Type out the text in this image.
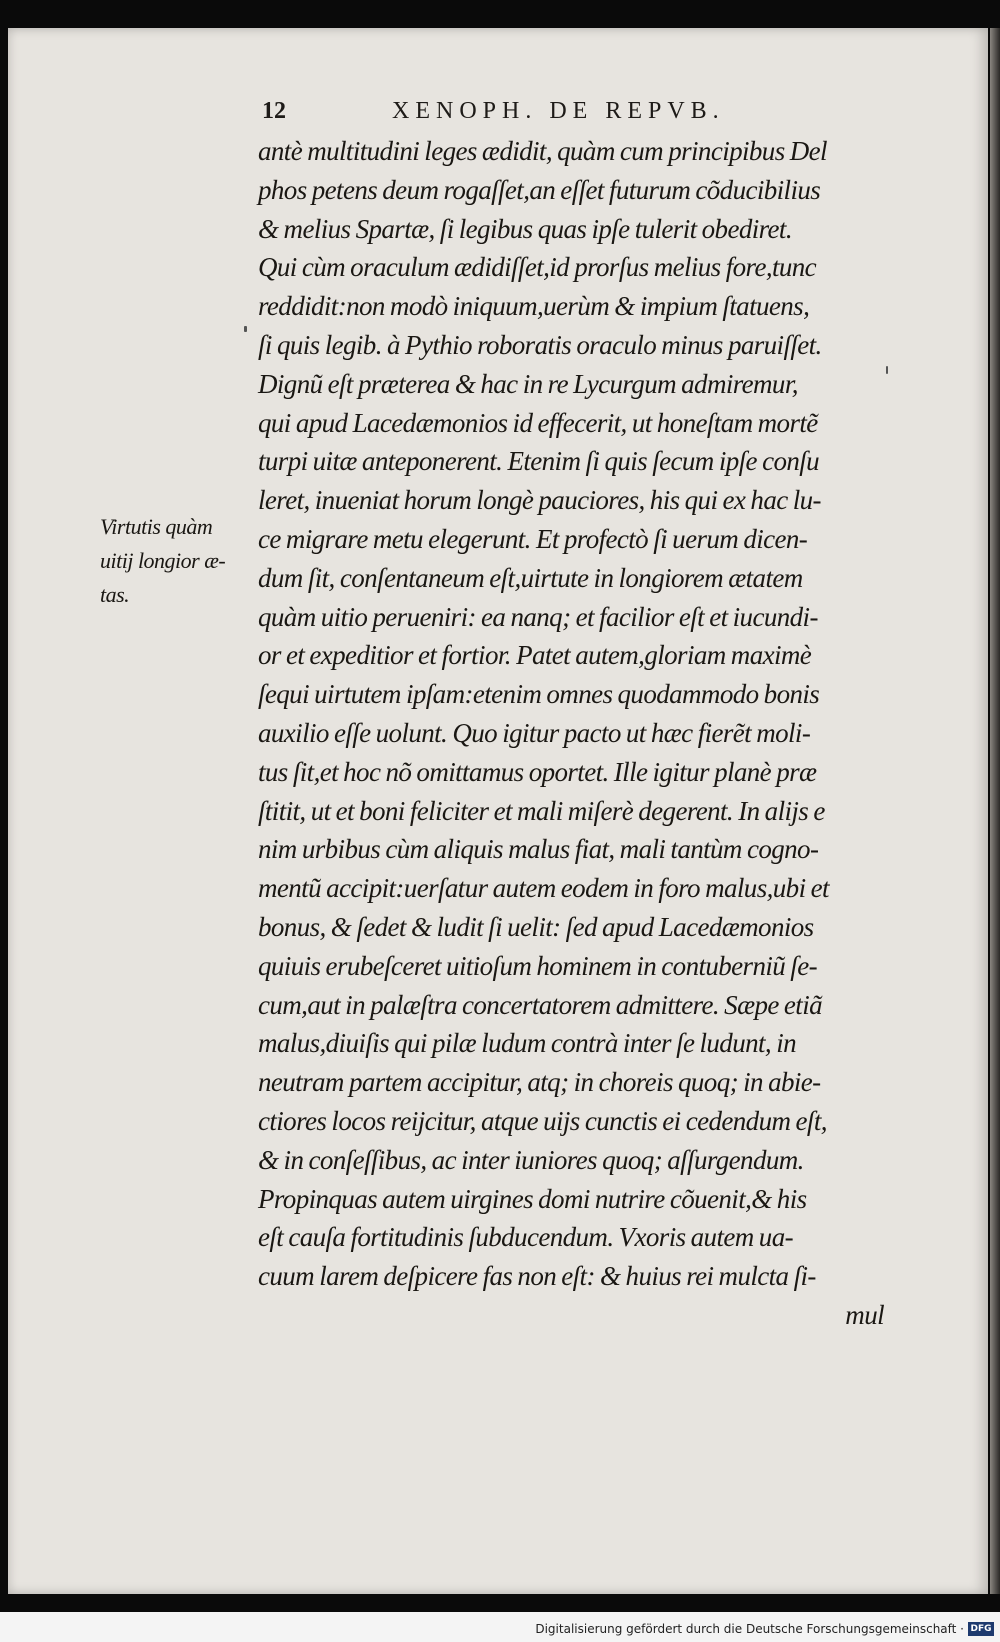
12	XENOPH. DE REPVB.
Virtutis quàm
uitij longior æ-
tas.
antè multitudini leges ædidit, quàm cum principibus Del
phos petens deum rogaſſet,an eſſet futurum cõducibilius
& melius Spartæ, ſi legibus quas ipſe tulerit obediret.
Qui cùm oraculum ædidiſſet,id prorſus melius fore,tunc
reddidit:non modò iniquum,uerùm & impium ſtatuens,
ſi quis legib. à Pythio roboratis oraculo minus paruiſſet.
Dignũ eſt præterea & hac in re Lycurgum admiremur,
qui apud Lacedæmonios id effecerit, ut honeſtam mortẽ
turpi uitæ anteponerent. Etenim ſi quis ſecum ipſe conſu
leret, inueniat horum longè pauciores, his qui ex hac lu-
ce migrare metu elegerunt. Et profectò ſi uerum dicen-
dum ſit, conſentaneum eſt,uirtute in longiorem ætatem
quàm uitio perueniri: ea nanq; et facilior eſt et iucundi-
or et expeditior et fortior. Patet autem,gloriam maximè
ſequi uirtutem ipſam:etenim omnes quodammodo bonis
auxilio eſſe uolunt. Quo igitur pacto ut hæc fierẽt moli-
tus ſit,et hoc nõ omittamus oportet. Ille igitur planè præ
ſtitit, ut et boni feliciter et mali miſerè degerent. In alijs e
nim urbibus cùm aliquis malus fiat, mali tantùm cogno-
mentũ accipit:uerſatur autem eodem in foro malus,ubi et
bonus, & ſedet & ludit ſi uelit: ſed apud Lacedæmonios
quiuis erubeſceret uitioſum hominem in contuberniũ ſe-
cum,aut in palæſtra concertatorem admittere. Sæpe etiã
malus,diuiſis qui pilæ ludum contrà inter ſe ludunt, in
neutram partem accipitur, atq; in choreis quoq; in abie-
ctiores locos reijcitur, atque uijs cunctis ei cedendum eſt,
& in conſeſſibus, ac inter iuniores quoq; aſſurgendum.
Propinquas autem uirgines domi nutrire cõuenit,& his
eſt cauſa fortitudinis ſubducendum. Vxoris autem ua-
cuum larem deſpicere fas non eſt: & huius rei mulcta ſi-
mul
Digitalisierung gefördert durch die Deutsche Forschungsgemeinschaft · DFG
